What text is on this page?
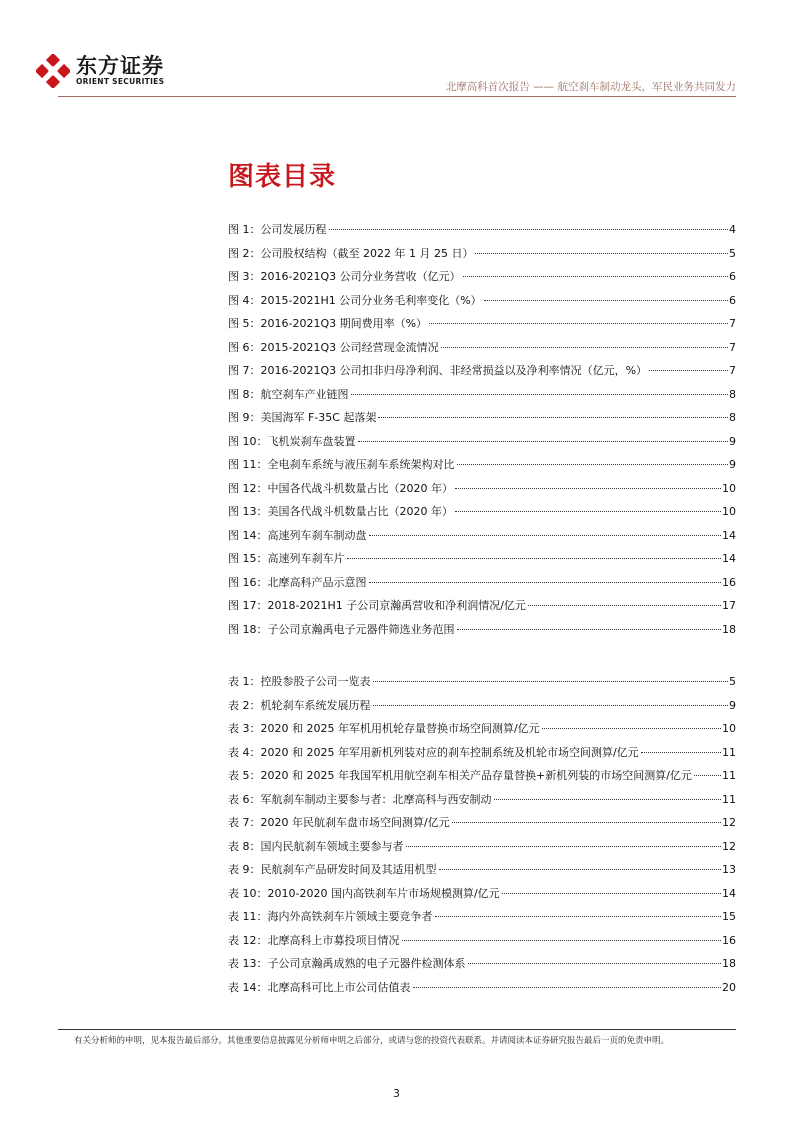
东方证券
ORIENT SECURITIES	北摩高科首次报告 —— 航空刹车制动龙头，军民业务共同发力
图表目录
图 1：公司发展历程	4
图 2：公司股权结构（截至 2022 年 1 月 25 日）	5
图 3：2016-2021Q3 公司分业务营收（亿元）	6
图 4：2015-2021H1 公司分业务毛利率变化（%）	6
图 5：2016-2021Q3 期间费用率（%）	7
图 6：2015-2021Q3 公司经营现金流情况	7
图 7：2016-2021Q3 公司扣非归母净利润、非经常损益以及净利率情况（亿元，%）	7
图 8：航空刹车产业链图	8
图 9：美国海军 F-35C 起落架	8
图 10：飞机炭刹车盘装置	9
图 11：全电刹车系统与液压刹车系统架构对比	9
图 12：中国各代战斗机数量占比（2020 年）	10
图 13：美国各代战斗机数量占比（2020 年）	10
图 14：高速列车刹车制动盘	14
图 15：高速列车刹车片	14
图 16：北摩高科产品示意图	16
图 17：2018-2021H1 子公司京瀚禹营收和净利润情况/亿元	17
图 18：子公司京瀚禹电子元器件筛选业务范围	18
表 1：控股参股子公司一览表	5
表 2：机轮刹车系统发展历程	9
表 3：2020 和 2025 年军机用机轮存量替换市场空间测算/亿元	10
表 4：2020 和 2025 年军用新机列装对应的刹车控制系统及机轮市场空间测算/亿元	11
表 5：2020 和 2025 年我国军机用航空刹车相关产品存量替换+新机列装的市场空间测算/亿元	11
表 6：军航刹车制动主要参与者：北摩高科与西安制动	11
表 7：2020 年民航刹车盘市场空间测算/亿元	12
表 8：国内民航刹车领域主要参与者	12
表 9：民航刹车产品研发时间及其适用机型	13
表 10：2010-2020 国内高铁刹车片市场规模测算/亿元	14
表 11：海内外高铁刹车片领域主要竞争者	15
表 12：北摩高科上市募投项目情况	16
表 13：子公司京瀚禹成熟的电子元器件检测体系	18
表 14：北摩高科可比上市公司估值表	20
有关分析师的申明，见本报告最后部分。其他重要信息披露见分析师申明之后部分，或请与您的投资代表联系。并请阅读本证券研究报告最后一页的免责申明。
3
